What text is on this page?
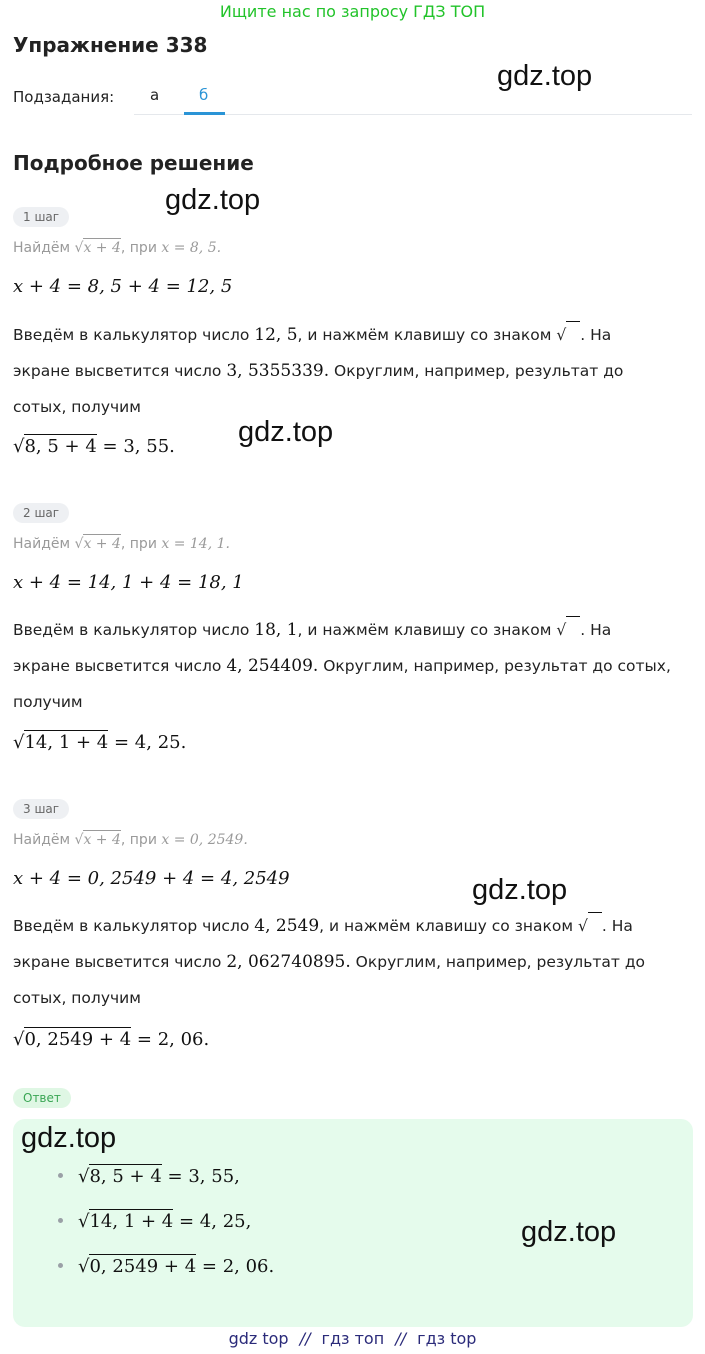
Ищите нас по запросу ГДЗ ТОП
Упражнение 338
Подзадания: а	б
Подробное решение
gdz.top
gdz.top
gdz.top
gdz.top
gdz.top
gdz.top
1 шаг
Найдём √x + 4, при x = 8, 5.
x + 4 = 8, 5 + 4 = 12, 5
Введём в калькулятор число 12, 5, и нажмём клавишу со знаком √ . На
экране высветится число 3, 5355339. Округлим, например, результат до
сотых, получим
√8, 5 + 4 = 3, 55.
2 шаг
Найдём √x + 4, при x = 14, 1.
x + 4 = 14, 1 + 4 = 18, 1
Введём в калькулятор число 18, 1, и нажмём клавишу со знаком √ . На
экране высветится число 4, 254409. Округлим, например, результат до сотых,
получим
√14, 1 + 4 = 4, 25.
3 шаг
Найдём √x + 4, при x = 0, 2549.
x + 4 = 0, 2549 + 4 = 4, 2549
Введём в калькулятор число 4, 2549, и нажмём клавишу со знаком √ . На
экране высветится число 2, 062740895. Округлим, например, результат до
сотых, получим
√0, 2549 + 4 = 2, 06.
Ответ
√8, 5 + 4 = 3, 55,
√14, 1 + 4 = 4, 25,
√0, 2549 + 4 = 2, 06.
gdz top // гдз топ // гдз top
